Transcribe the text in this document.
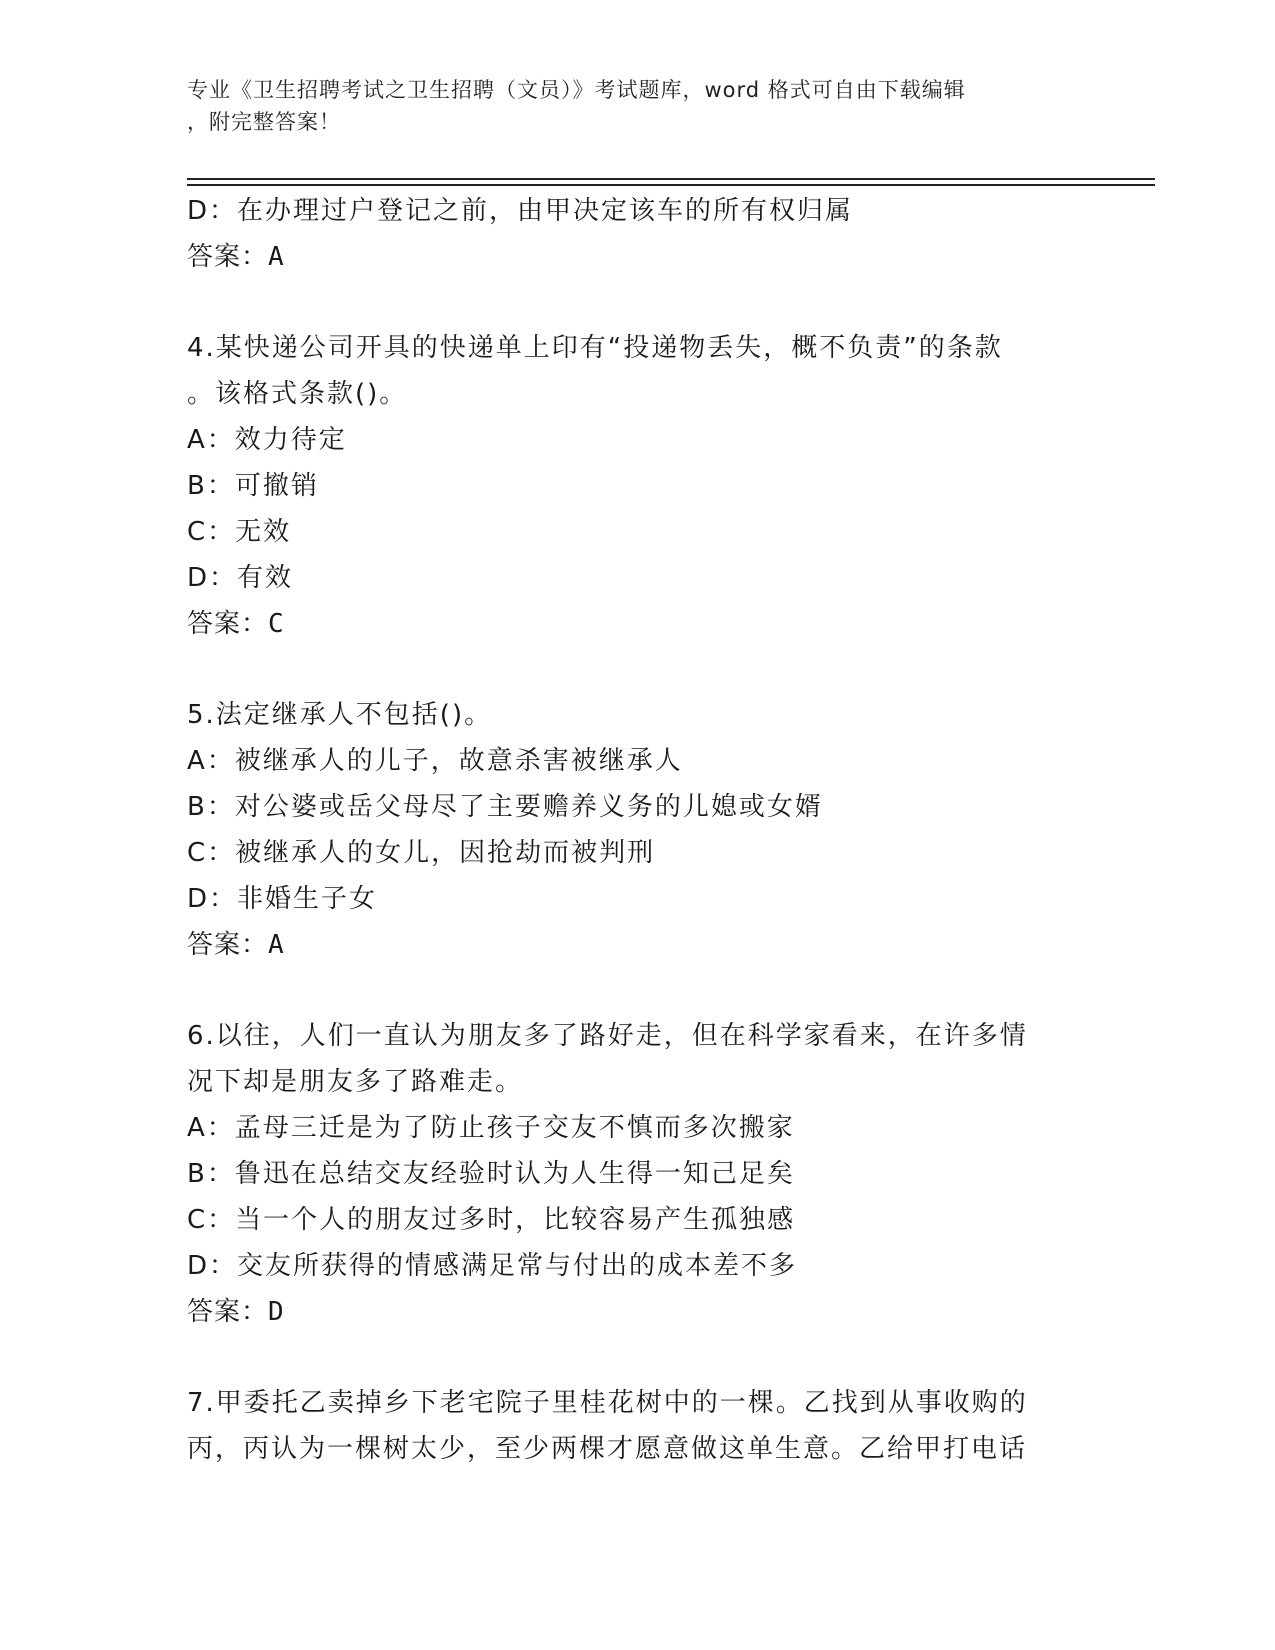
专业《卫生招聘考试之卫生招聘（文员）》考试题库，word 格式可自由下载编辑
，附完整答案！
D：在办理过户登记之前，由甲决定该车的所有权归属
答案：A
4.某快递公司开具的快递单上印有“投递物丢失，概不负责”的条款
。该格式条款()。
A：效力待定
B：可撤销
C：无效
D：有效
答案：C
5.法定继承人不包括()。
A：被继承人的儿子，故意杀害被继承人
B：对公婆或岳父母尽了主要赡养义务的儿媳或女婿
C：被继承人的女儿，因抢劫而被判刑
D：非婚生子女
答案：A
6.以往，人们一直认为朋友多了路好走，但在科学家看来，在许多情
况下却是朋友多了路难走。
A：孟母三迁是为了防止孩子交友不慎而多次搬家
B：鲁迅在总结交友经验时认为人生得一知己足矣
C：当一个人的朋友过多时，比较容易产生孤独感
D：交友所获得的情感满足常与付出的成本差不多
答案：D
7.甲委托乙卖掉乡下老宅院子里桂花树中的一棵。乙找到从事收购的
丙，丙认为一棵树太少，至少两棵才愿意做这单生意。乙给甲打电话
